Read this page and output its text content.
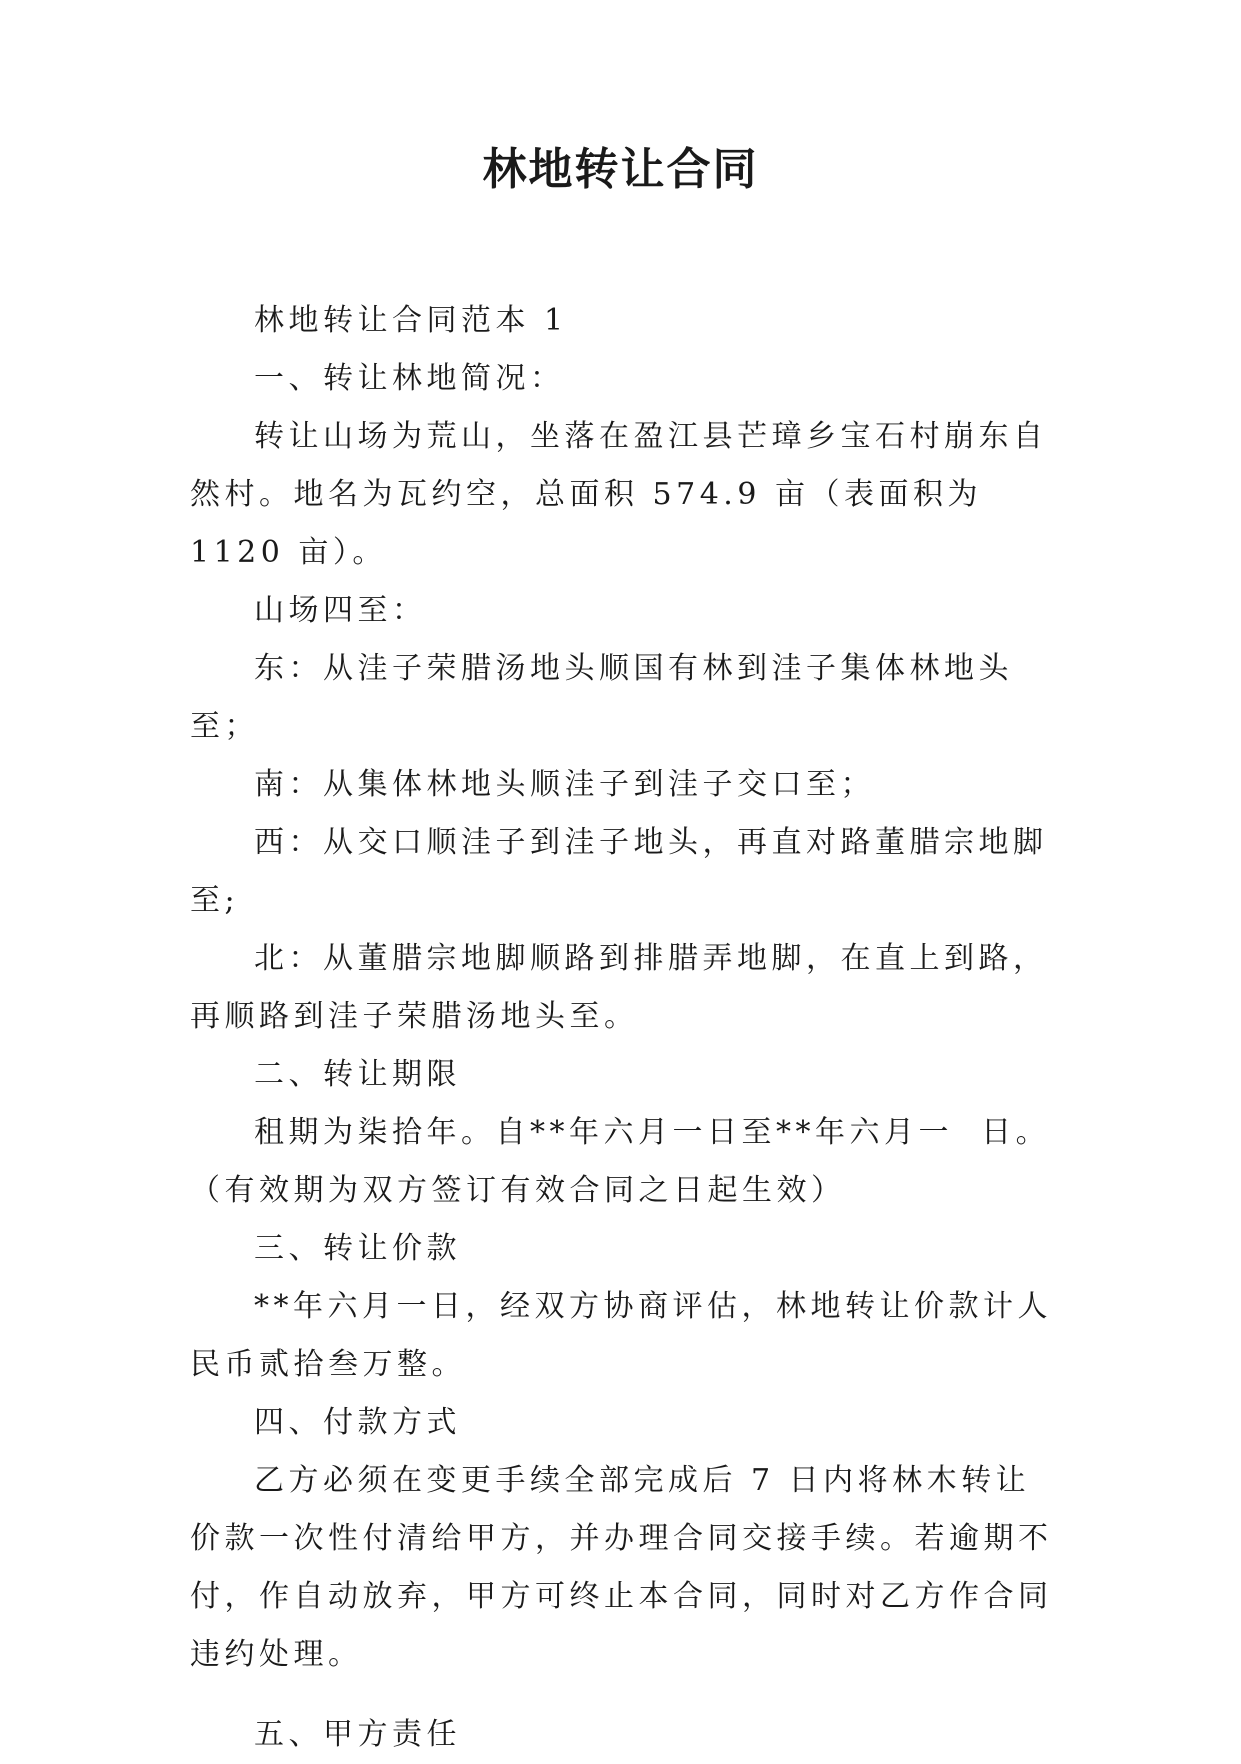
林地转让合同

林地转让合同范本 1

一、转让林地简况：

转让山场为荒山，坐落在盈江县芒璋乡宝石村崩东自然村。地名为瓦约空，总面积 574.9 亩（表面积为 1120 亩）。

山场四至：

东：从洼子荣腊汤地头顺国有林到洼子集体林地头至；

南：从集体林地头顺洼子到洼子交口至；

西：从交口顺洼子到洼子地头，再直对路董腊宗地脚至;

北：从董腊宗地脚顺路到排腊弄地脚，在直上到路，再顺路到洼子荣腊汤地头至。

二、转让期限

租期为柒拾年。自**年六月一日至**年六月一  日。（有效期为双方签订有效合同之日起生效）

三、转让价款

**年六月一日，经双方协商评估，林地转让价款计人民币贰拾叁万整。

四、付款方式

乙方必须在变更手续全部完成后 7 日内将林木转让价款一次性付清给甲方，并办理合同交接手续。若逾期不付，作自动放弃，甲方可终止本合同，同时对乙方作合同违约处理。

五、甲方责任
